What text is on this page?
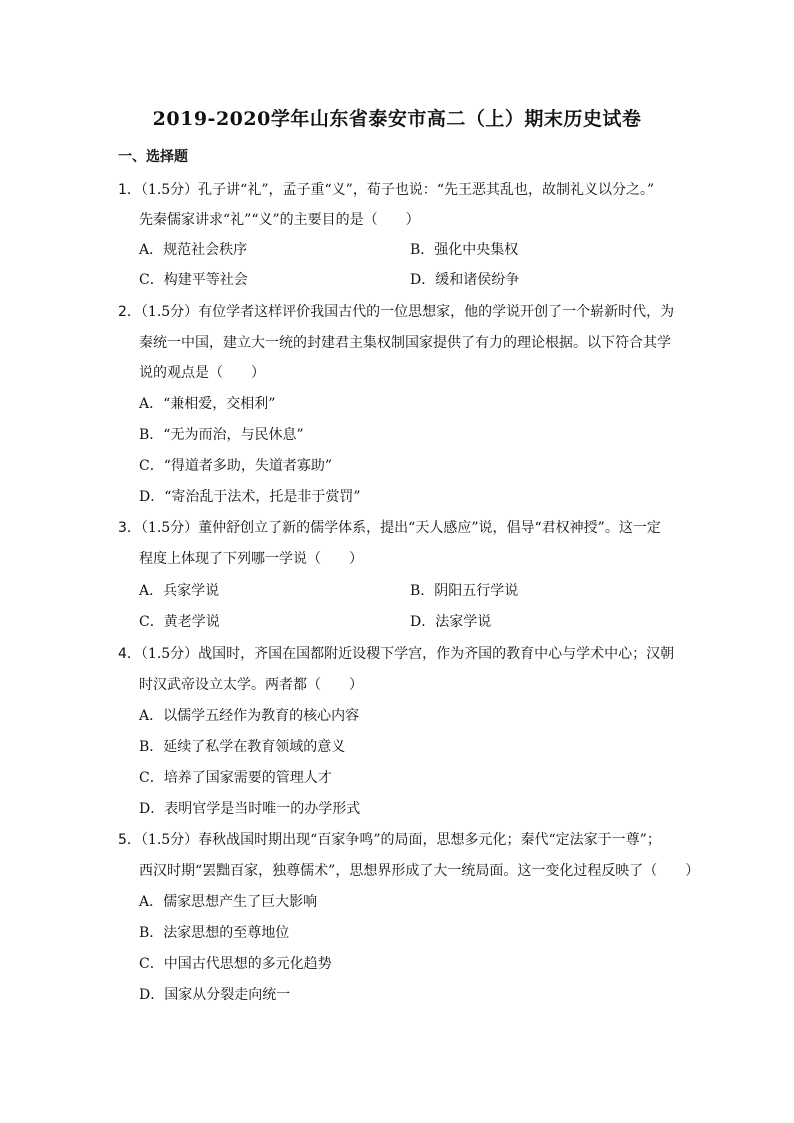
2019-2020学年山东省泰安市高二（上）期末历史试卷
一、选择题
1．（1.5分）孔子讲“礼”，孟子重“义”，荀子也说：“先王恶其乱也，故制礼义以分之。”
先秦儒家讲求“礼”“义”的主要目的是（　　）
A．规范社会秩序	B．强化中央集权
C．构建平等社会	D．缓和诸侯纷争
2．（1.5分）有位学者这样评价我国古代的一位思想家，他的学说开创了一个崭新时代，为
秦统一中国，建立大一统的封建君主集权制国家提供了有力的理论根据。以下符合其学
说的观点是（　　）
A．“兼相爱，交相利”
B．“无为而治，与民休息”
C．“得道者多助，失道者寡助”
D．“寄治乱于法术，托是非于赏罚”
3．（1.5分）董仲舒创立了新的儒学体系，提出“天人感应”说，倡导“君权神授”。这一定
程度上体现了下列哪一学说（　　）
A．兵家学说	B．阴阳五行学说
C．黄老学说	D．法家学说
4．（1.5分）战国时，齐国在国都附近设稷下学宫，作为齐国的教育中心与学术中心；汉朝
时汉武帝设立太学。两者都（　　）
A．以儒学五经作为教育的核心内容
B．延续了私学在教育领域的意义
C．培养了国家需要的管理人才
D．表明官学是当时唯一的办学形式
5．（1.5分）春秋战国时期出现“百家争鸣”的局面，思想多元化；秦代“定法家于一尊”；
西汉时期“罢黜百家，独尊儒术”，思想界形成了大一统局面。这一变化过程反映了（　　）
A．儒家思想产生了巨大影响
B．法家思想的至尊地位
C．中国古代思想的多元化趋势
D．国家从分裂走向统一
